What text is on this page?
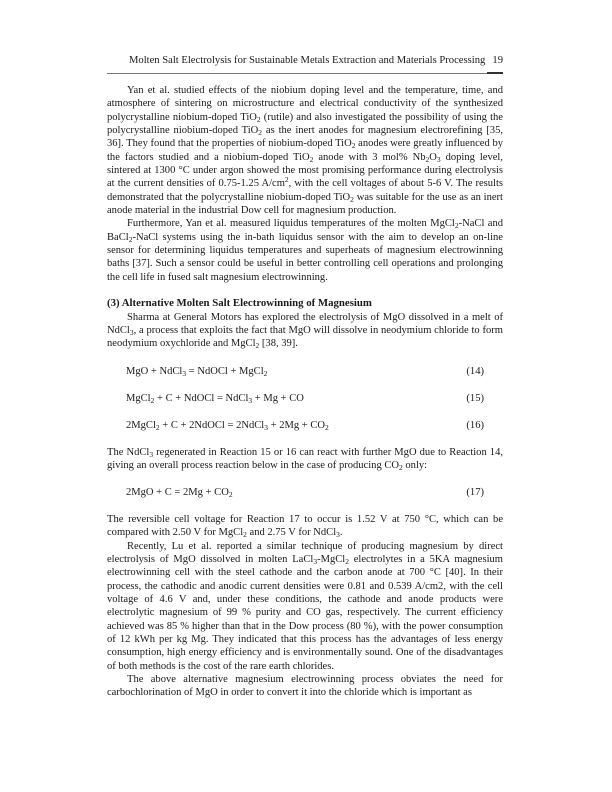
Molten Salt Electrolysis for Sustainable Metals Extraction and Materials Processing 19

Yan et al. studied effects of the niobium doping level and the temperature, time, and atmosphere of sintering on microstructure and electrical conductivity of the synthesized polycrystalline niobium-doped TiO$_2$ (rutile) and also investigated the possibility of using the polycrystalline niobium-doped TiO$_2$ as the inert anodes for magnesium electrorefining [35, 36]. They found that the properties of niobium-doped TiO$_2$ anodes were greatly influenced by the factors studied and a niobium-doped TiO$_2$ anode with 3 mol% $Nb_2O_3$ doping level, sintered at 1300 °C under argon showed the most promising performance during electrolysis at the current densities of 0.75-1.25 $A/cm^2$, with the cell voltages of about 5-6 V. The results demonstrated that the polycrystalline niobium-doped TiO$_2$ was suitable for the use as an inert anode material in the industrial Dow cell for magnesium production.

Furthermore, Yan et al. measured liquidus temperatures of the molten MgCl$_2$-NaCl and BaCl$_2$-NaCl systems using the in-bath liquidus sensor with the aim to develop an on-line sensor for determining liquidus temperatures and superheats of magnesium electrowinning baths [37]. Such a sensor could be useful in better controlling cell operations and prolonging the cell life in fused salt magnesium electrowinning.

(3) Alternative Molten Salt Electrowinning of Magnesium

Sharma at General Motors has explored the electrolysis of MgO dissolved in a melt of NdCl$_3$, a process that exploits the fact that MgO will dissolve in neodymium chloride to form neodymium oxychloride and MgCl$_2$ [38, 39].

MgO + NdCl$_3$ = NdOCl + MgCl$_2$	(14)
MgCl$_2$ + C + NdOCl = NdCl$_3$ + Mg + CO	(15)
2MgCl$_2$ + C + 2NdOCl = 2NdCl$_3$ + $2Mg + CO_2$	(16)

The NdCl$_3$ regenerated in Reaction 15 or 16 can react with further MgO due to Reaction 14, giving an overall process reaction below in the case of producing $CO_2$ only:

$2MgO + C = 2Mg + CO_2$	(17)

The reversible cell voltage for Reaction 17 to occur is 1.52 V at 750 °C, which can be compared with 2.50 V for MgCl$_2$ and 2.75 V for NdCl$_3$.

Recently, Lu et al. reported a similar technique of producing magnesium by direct electrolysis of MgO dissolved in molten LaCl$_3$-MgCl$_2$ electrolytes in a 5KA magnesium electrowinning cell with the steel cathode and the carbon anode at 700 °C [40]. In their process, the cathodic and anodic current densities were 0.81 and 0.539 A/cm2, with the cell voltage of 4.6 V and, under these conditions, the cathode and anode products were electrolytic magnesium of 99 % purity and CO gas, respectively. The current efficiency achieved was 85 % higher than that in the Dow process (80 %), with the power consumption of 12 kWh per kg Mg. They indicated that this process has the advantages of less energy consumption, high energy efficiency and is environmentally sound. One of the disadvantages of both methods is the cost of the rare earth chlorides.

The above alternative magnesium electrowinning process obviates the need for carbochlorination of MgO in order to convert it into the chloride which is important as
